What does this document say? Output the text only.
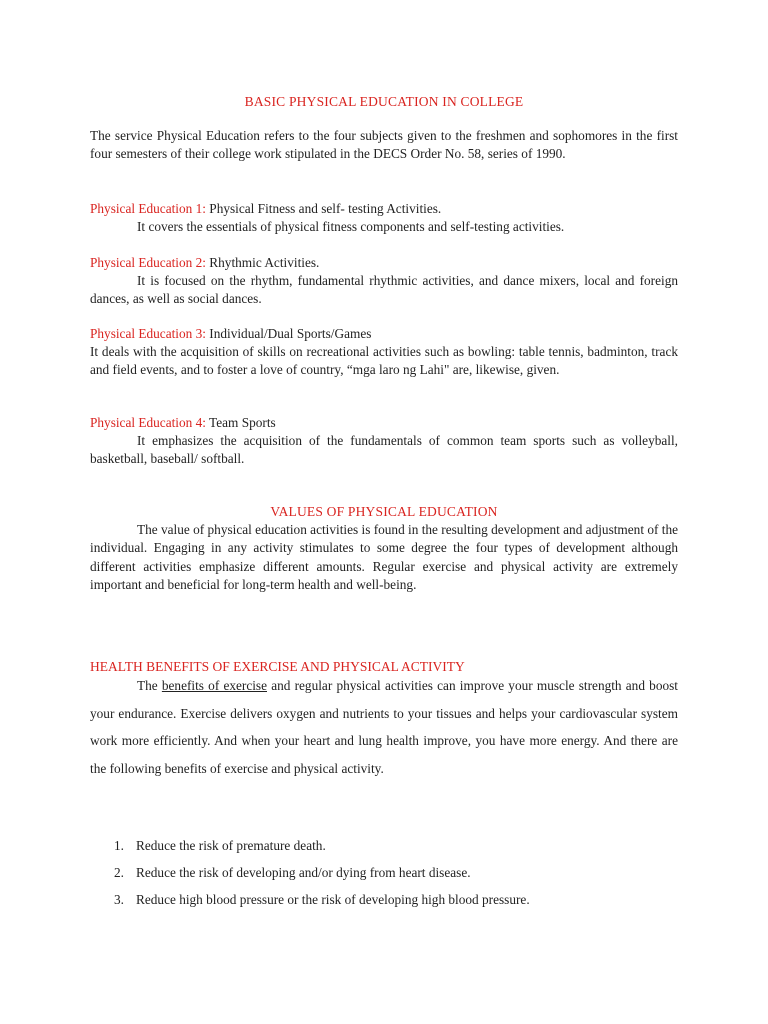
BASIC PHYSICAL EDUCATION IN COLLEGE
The service Physical Education refers to the four subjects given to the freshmen and sophomores in the first four semesters of their college work stipulated in the DECS Order No. 58, series of 1990.
Physical Education 1: Physical Fitness and self- testing Activities.
It covers the essentials of physical fitness components and self-testing activities.
Physical Education 2: Rhythmic Activities.
It is focused on the rhythm, fundamental rhythmic activities, and dance mixers, local and foreign dances, as well as social dances.
Physical Education 3: Individual/Dual Sports/Games
It deals with the acquisition of skills on recreational activities such as bowling: table tennis, badminton, track and field events, and to foster a love of country, “mga laro ng Lahi" are, likewise, given.
Physical Education 4: Team Sports
It emphasizes the acquisition of the fundamentals of common team sports such as volleyball, basketball, baseball/ softball.
VALUES OF PHYSICAL EDUCATION
The value of physical education activities is found in the resulting development and adjustment of the individual. Engaging in any activity stimulates to some degree the four types of development although different activities emphasize different amounts. Regular exercise and physical activity are extremely important and beneficial for long-term health and well-being.
HEALTH BENEFITS OF EXERCISE AND PHYSICAL ACTIVITY
The benefits of exercise and regular physical activities can improve your muscle strength and boost your endurance. Exercise delivers oxygen and nutrients to your tissues and helps your cardiovascular system work more efficiently. And when your heart and lung health improve, you have more energy. And there are the following benefits of exercise and physical activity.
1. Reduce the risk of premature death.
2. Reduce the risk of developing and/or dying from heart disease.
3. Reduce high blood pressure or the risk of developing high blood pressure.
